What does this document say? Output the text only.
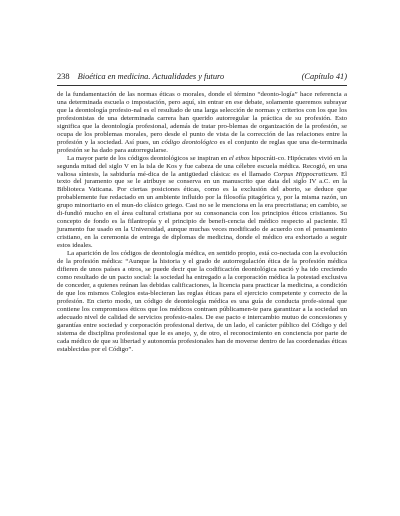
238 Bioética en medicina. Actualidades y futuro	(Capítulo 41)

de la fundamentación de las normas éticas o morales, donde el término “deonto-logía” hace referencia a una determinada escuela o impostación, pero aquí, sin entrar en ese debate, solamente queremos subrayar que la deontología profesio-nal es el resultado de una larga selección de normas y criterios con los que los profesionistas de una determinada carrera han querido autorregular la práctica de su profesión. Esto significa que la deontología profesional, además de tratar pro-blemas de organización de la profesión, se ocupa de los problemas morales, pero desde el punto de vista de la corrección de las relaciones entre la profesión y la sociedad. Así pues, un código deontológico es el conjunto de reglas que una de-terminada profesión se ha dado para autorregularse.

La mayor parte de los códigos deontológicos se inspiran en el ethos hipocráti-co. Hipócrates vivió en la segunda mitad del siglo V en la isla de Kos y fue cabeza de una célebre escuela médica. Recogió, en una valiosa síntesis, la sabiduría mé-dica de la antigüedad clásica: es el llamado Corpus Hippocraticum. El texto del juramento que se le atribuye se conserva en un manuscrito que data del siglo IV a.C. en la Biblioteca Vaticana. Por ciertas posiciones éticas, como es la exclusión del aborto, se deduce que probablemente fue redactado en un ambiente influido por la filosofía pitagórica y, por la misma razón, un grupo minoritario en el mun-do clásico griego. Casi no se le menciona en la era precristiana; en cambio, se di-fundió mucho en el área cultural cristiana por su consonancia con los principios éticos cristianos. Su concepto de fondo es la filantropía y el principio de benefi-cencia del médico respecto al paciente. El juramento fue usado en la Universidad, aunque muchas veces modificado de acuerdo con el pensamiento cristiano, en la ceremonia de entrega de diplomas de medicina, donde el médico era exhortado a seguir estos ideales.

La aparición de los códigos de deontología médica, en sentido propio, está co-nectada con la evolución de la profesión médica: “Aunque la historia y el grado de autorregulación ética de la profesión médica difieren de unos países a otros, se puede decir que la codificación deontológica nació y ha ido creciendo como resultado de un pacto social: la sociedad ha entregado a la corporación médica la potestad exclusiva de conceder, a quienes reúnan las debidas calificaciones, la licencia para practicar la medicina, a condición de que los mismos Colegios esta-blecieran las reglas éticas para el ejercicio competente y correcto de la profesión. En cierto modo, un código de deontología médica es una guía de conducta profe-sional que contiene los compromisos éticos que los médicos contraen públicamen-te para garantizar a la sociedad un adecuado nivel de calidad de servicios profesio-nales. De ese pacto e intercambio mutuo de concesiones y garantías entre sociedad y corporación profesional deriva, de un lado, el carácter público del Código y del sistema de disciplina profesional que le es anejo, y, de otro, el reconocimiento en conciencia por parte de cada médico de que su libertad y autonomía profesionales han de moverse dentro de las coordenadas éticas establecidas por el Código”.
